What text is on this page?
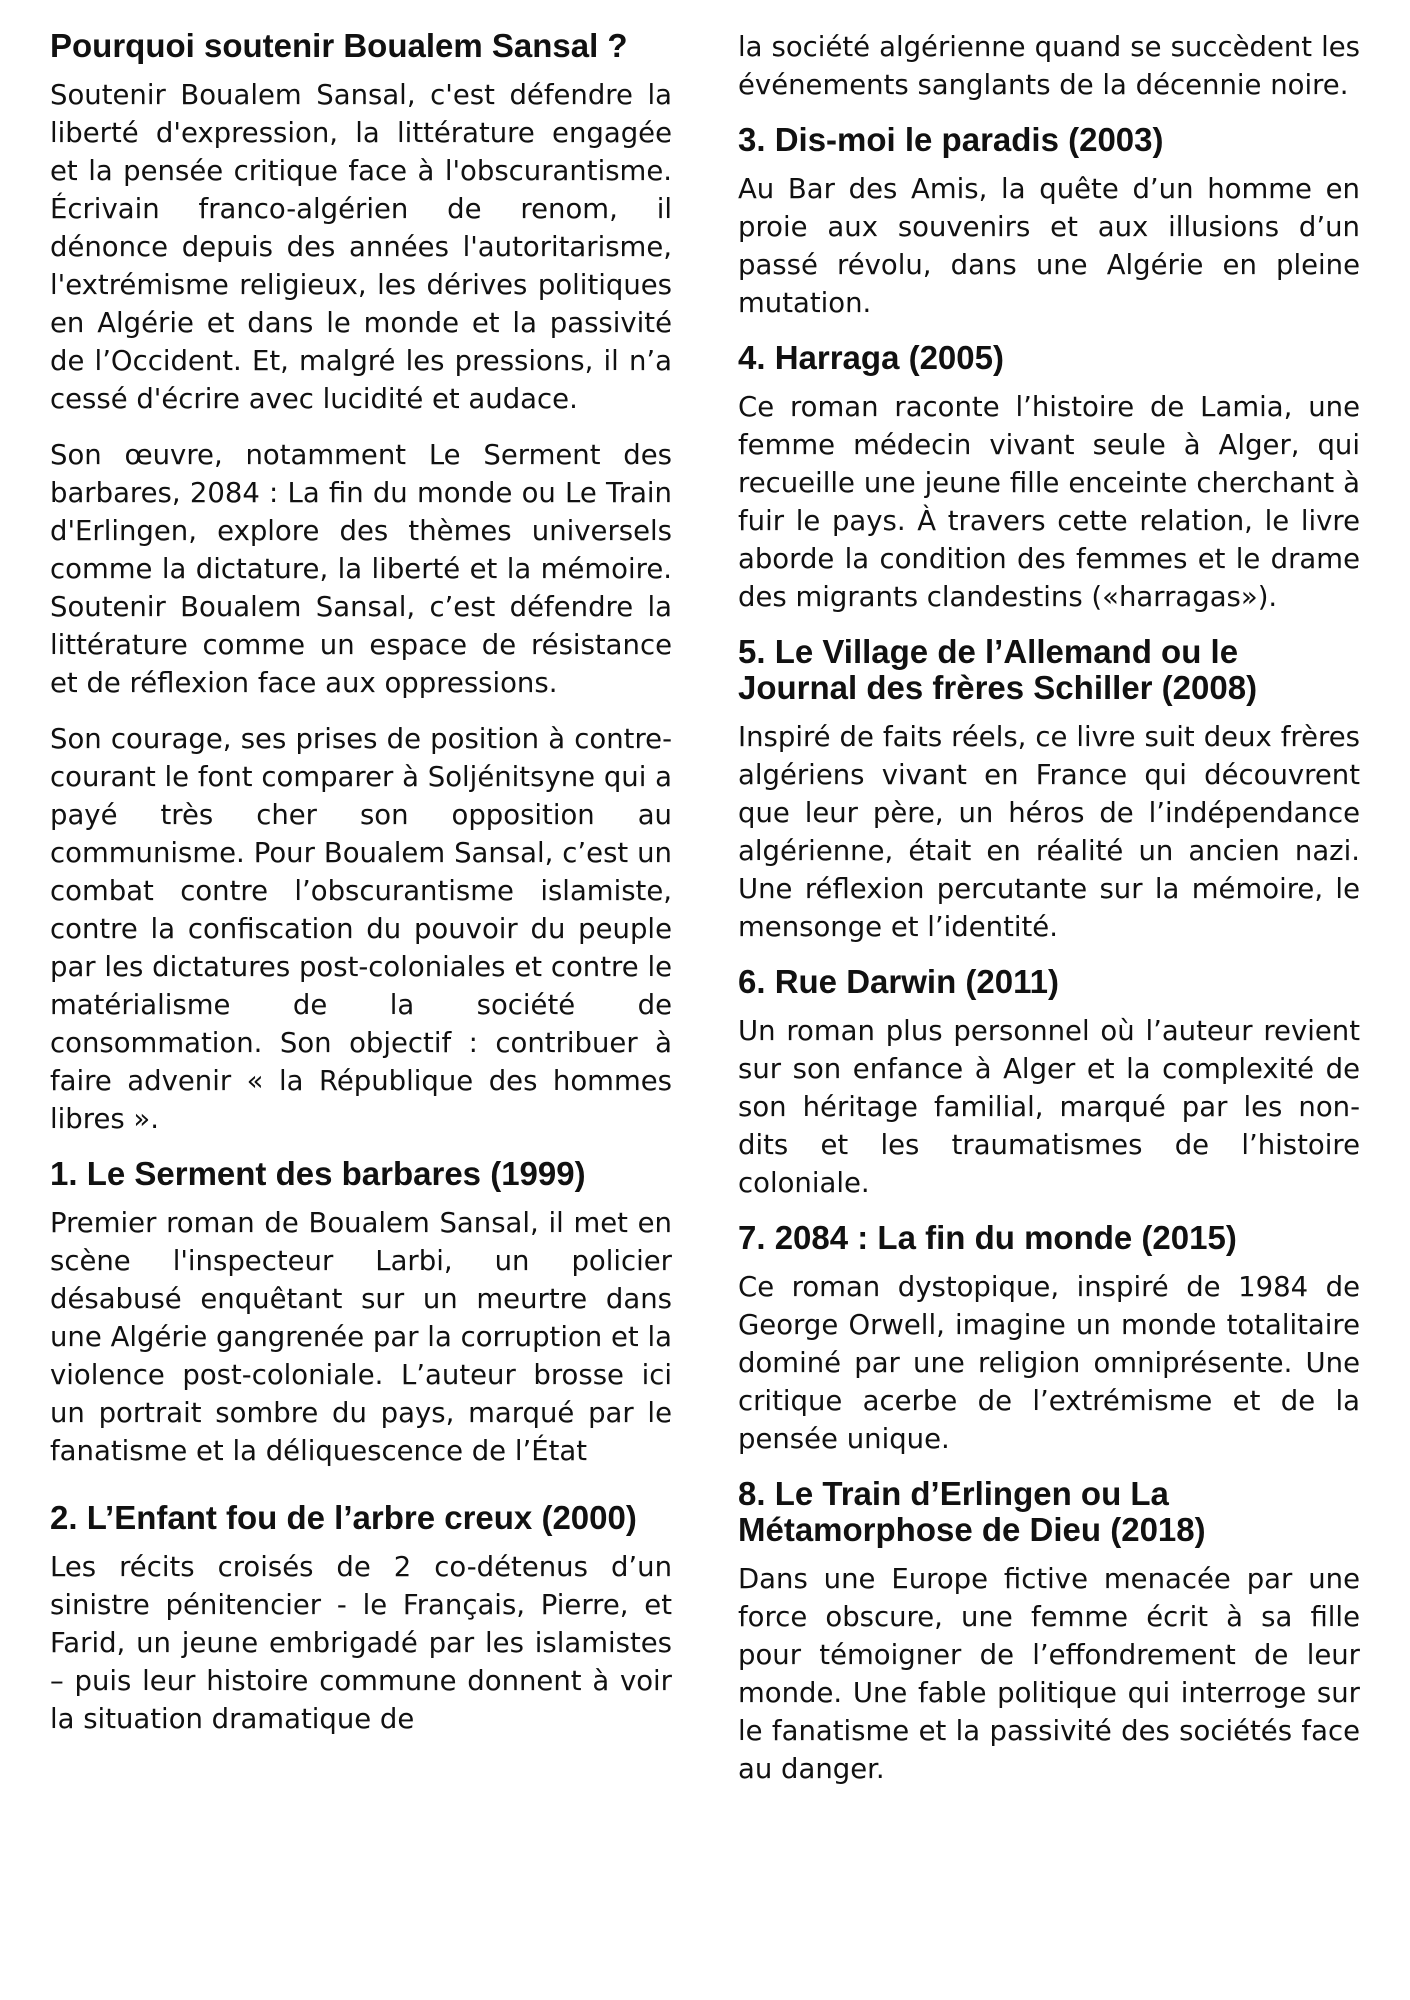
Pourquoi soutenir Boualem Sansal ?

Soutenir Boualem Sansal, c'est défendre la liberté d'expression, la littérature engagée et la pensée critique face à l'obscurantisme. Écrivain franco-algérien de renom, il dénonce depuis des années l'autoritarisme, l'extrémisme religieux, les dérives politiques en Algérie et dans le monde et la passivité de l’Occident. Et, malgré les pressions, il n’a cessé d'écrire avec lucidité et audace.

Son œuvre, notamment Le Serment des barbares, 2084 : La fin du monde ou Le Train d'Erlingen, explore des thèmes universels comme la dictature, la liberté et la mémoire. Soutenir Boualem Sansal, c’est défendre la littérature comme un espace de résistance et de réflexion face aux oppressions.

Son courage, ses prises de position à contre-courant le font comparer à Soljénitsyne qui a payé très cher son opposition au communisme. Pour Boualem Sansal, c’est un combat contre l’obscurantisme islamiste, contre la confiscation du pouvoir du peuple par les dictatures post-coloniales et contre le matérialisme de la société de consommation. Son objectif : contribuer à faire advenir « la République des hommes libres ».

1. Le Serment des barbares (1999)

Premier roman de Boualem Sansal, il met en scène l'inspecteur Larbi, un policier désabusé enquêtant sur un meurtre dans une Algérie gangrenée par la corruption et la violence post-coloniale. L’auteur brosse ici un portrait sombre du pays, marqué par le fanatisme et la déliquescence de l’État

2. L’Enfant fou de l’arbre creux (2000)

Les récits croisés de 2 co-détenus d’un sinistre pénitencier - le Français, Pierre, et Farid, un jeune embrigadé par les islamistes – puis leur histoire commune donnent à voir la situation dramatique de

la société algérienne quand se succèdent les événements sanglants de la décennie noire.

3. Dis-moi le paradis (2003)

Au Bar des Amis, la quête d’un homme en proie aux souvenirs et aux illusions d’un passé révolu, dans une Algérie en pleine mutation.

4. Harraga (2005)

Ce roman raconte l’histoire de Lamia, une femme médecin vivant seule à Alger, qui recueille une jeune fille enceinte cherchant à fuir le pays. À travers cette relation, le livre aborde la condition des femmes et le drame des migrants clandestins («harragas»).

5. Le Village de l’Allemand ou le Journal des frères Schiller (2008)

Inspiré de faits réels, ce livre suit deux frères algériens vivant en France qui découvrent que leur père, un héros de l’indépendance algérienne, était en réalité un ancien nazi. Une réflexion percutante sur la mémoire, le mensonge et l’identité.

6. Rue Darwin (2011)

Un roman plus personnel où l’auteur revient sur son enfance à Alger et la complexité de son héritage familial, marqué par les non-dits et les traumatismes de l’histoire coloniale.

7. 2084 : La fin du monde (2015)

Ce roman dystopique, inspiré de 1984 de George Orwell, imagine un monde totalitaire dominé par une religion omniprésente. Une critique acerbe de l’extrémisme et de la pensée unique.

8. Le Train d’Erlingen ou La Métamorphose de Dieu (2018)

Dans une Europe fictive menacée par une force obscure, une femme écrit à sa fille pour témoigner de l’effondrement de leur monde. Une fable politique qui interroge sur le fanatisme et la passivité des sociétés face au danger.
